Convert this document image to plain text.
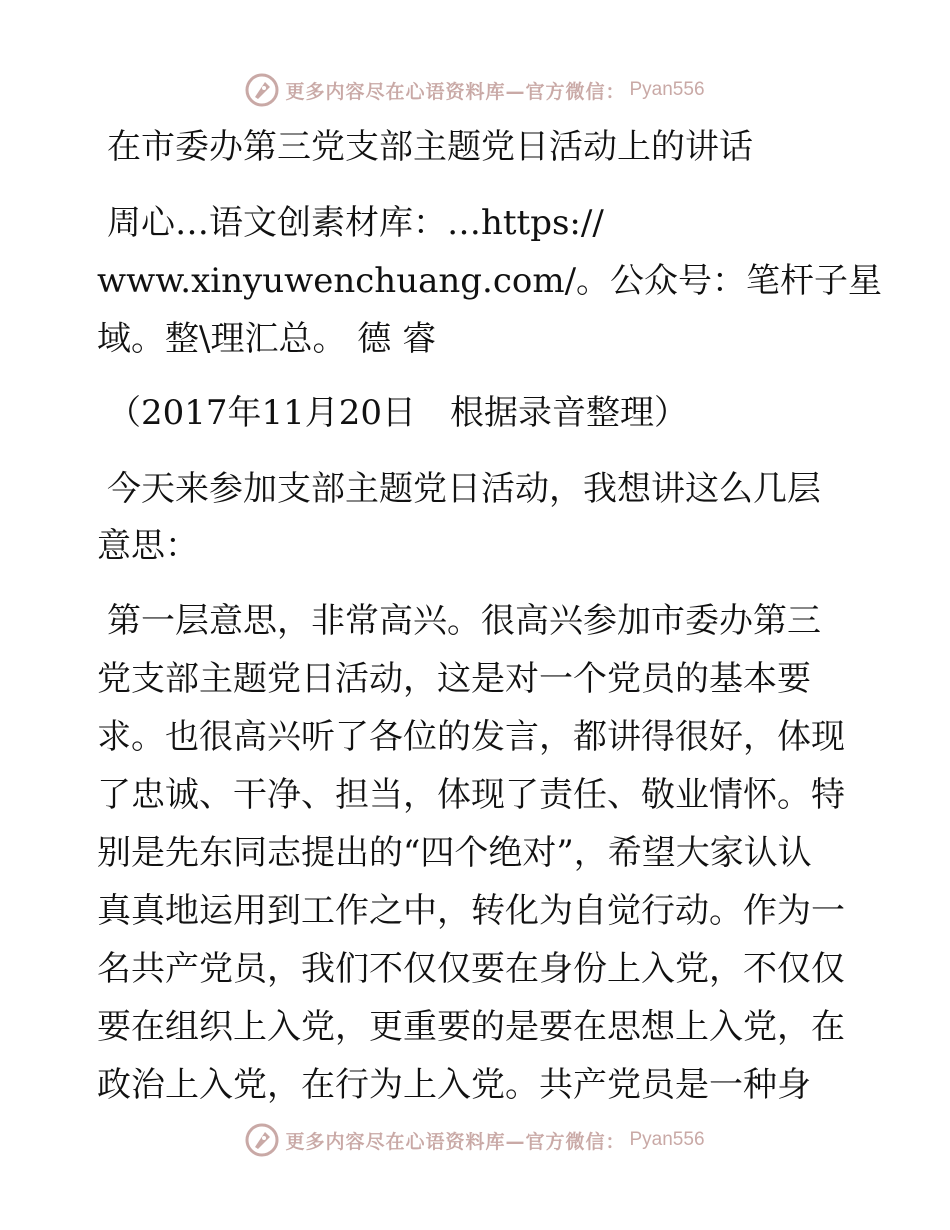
更多内容尽在心语资料库—官方微信： Pyan556
在市委办第三党支部主题党日活动上的讲话
周心…语文创素材库：…https://
www.xinyuwenchuang.com/。公众号：笔杆子星
域。整\理汇总。 德 睿
（2017年11月20日　根据录音整理）
今天来参加支部主题党日活动，我想讲这么几层
意思：
第一层意思，非常高兴。很高兴参加市委办第三
党支部主题党日活动，这是对一个党员的基本要
求。也很高兴听了各位的发言，都讲得很好，体现
了忠诚、干净、担当，体现了责任、敬业情怀。特
别是先东同志提出的“四个绝对”，希望大家认认
真真地运用到工作之中，转化为自觉行动。作为一
名共产党员，我们不仅仅要在身份上入党，不仅仅
要在组织上入党，更重要的是要在思想上入党，在
政治上入党，在行为上入党。共产党员是一种身
更多内容尽在心语资料库—官方微信： Pyan556
